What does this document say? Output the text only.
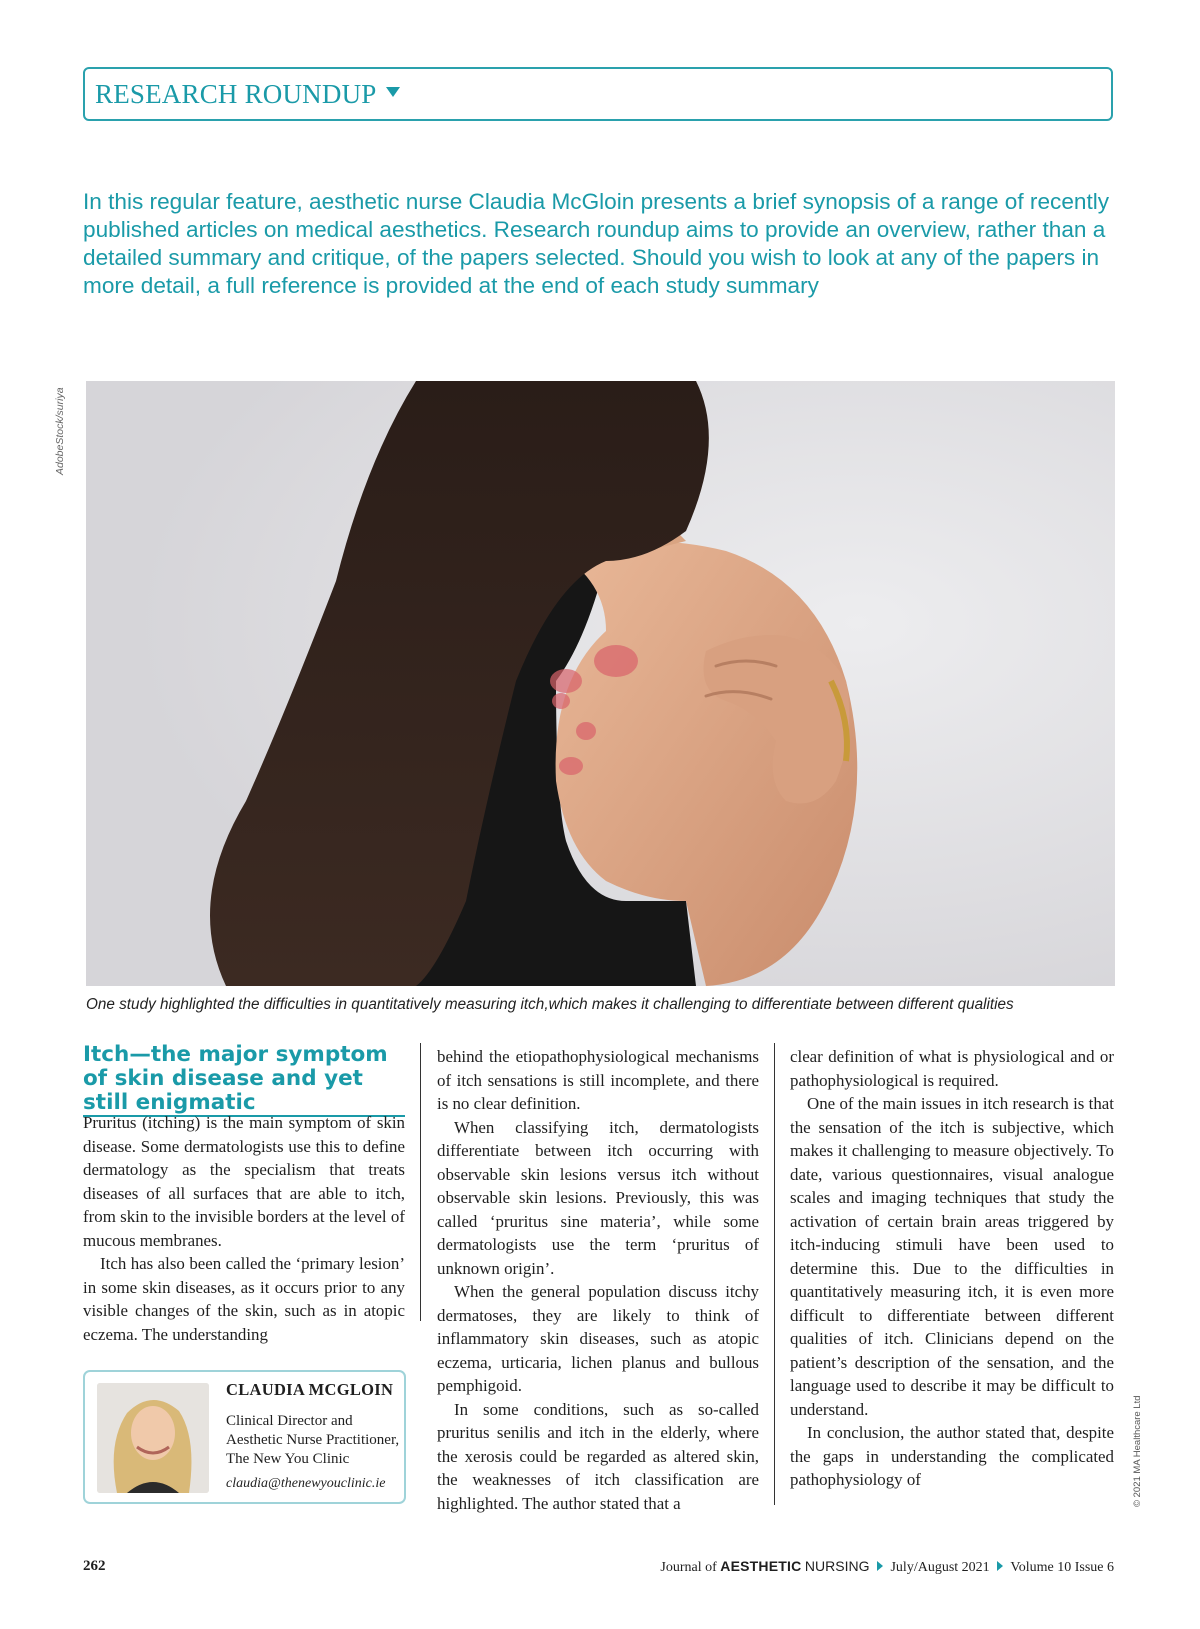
RESEARCH ROUNDUP

In this regular feature, aesthetic nurse Claudia McGloin presents a brief synopsis of a range of recently published articles on medical aesthetics. Research roundup aims to provide an overview, rather than a detailed summary and critique, of the papers selected. Should you wish to look at any of the papers in more detail, a full reference is provided at the end of each study summary

AdobeStock/suriya

One study highlighted the difficulties in quantitatively measuring itch,which makes it challenging to differentiate between different qualities

Itch—the major symptom of skin disease and yet still enigmatic

Pruritus (itching) is the main symptom of skin disease. Some dermatologists use this to define dermatology as the specialism that treats diseases of all surfaces that are able to itch, from skin to the invisible borders at the level of mucous membranes.

Itch has also been called the ‘primary lesion’ in some skin diseases, as it occurs prior to any visible changes of the skin, such as in atopic eczema. The understanding

behind the etiopathophysiological mechanisms of itch sensations is still incomplete, and there is no clear definition.

When classifying itch, dermatologists differentiate between itch occurring with observable skin lesions versus itch without observable skin lesions. Previously, this was called ‘pruritus sine materia’, while some dermatologists use the term ‘pruritus of unknown origin’.

When the general population discuss itchy dermatoses, they are likely to think of inflammatory skin diseases, such as atopic eczema, urticaria, lichen planus and bullous pemphigoid.

In some conditions, such as so-called pruritus senilis and itch in the elderly, where the xerosis could be regarded as altered skin, the weaknesses of itch classification are highlighted. The author stated that a

clear definition of what is physiological and or pathophysiological is required.

One of the main issues in itch research is that the sensation of the itch is subjective, which makes it challenging to measure objectively. To date, various questionnaires, visual analogue scales and imaging techniques that study the activation of certain brain areas triggered by itch-inducing stimuli have been used to determine this. Due to the difficulties in quantitatively measuring itch, it is even more difficult to differentiate between different qualities of itch. Clinicians depend on the patient’s description of the sensation, and the language used to describe it may be difficult to understand.

In conclusion, the author stated that, despite the gaps in understanding the complicated pathophysiology of

CLAUDIA MCGLOIN
Clinical Director and Aesthetic Nurse Practitioner, The New You Clinic
claudia@thenewyouclinic.ie	© 2021 MA Healthcare Ltd
262	Journal of AESTHETIC NURSING July/August 2021 Volume 10 Issue 6
